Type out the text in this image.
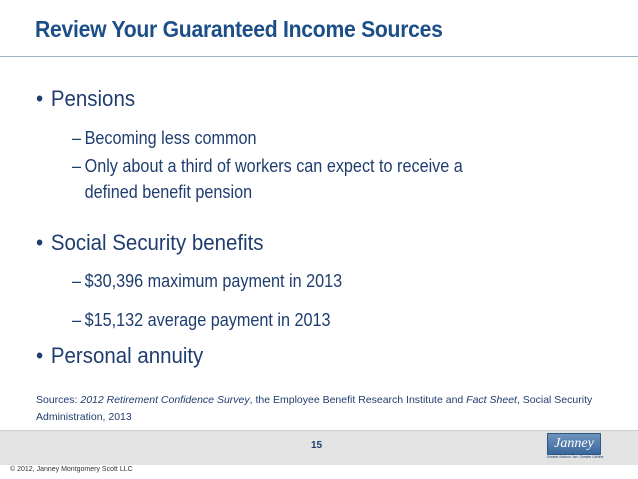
Review Your Guaranteed Income Sources
• Pensions
– Becoming less common
– Only about a third of workers can expect to receive a
defined benefit pension
• Social Security benefits
– $30,396 maximum payment in 2013
– $15,132 average payment in 2013
• Personal annuity
Sources: 2012 Retirement Confidence Survey, the Employee Benefit Research Institute and Fact Sheet, Social Security Administration, 2013
15
© 2012, Janney Montgomery Scott LLC
Janney
Greater Advisor Jan. Greater Lifeline
